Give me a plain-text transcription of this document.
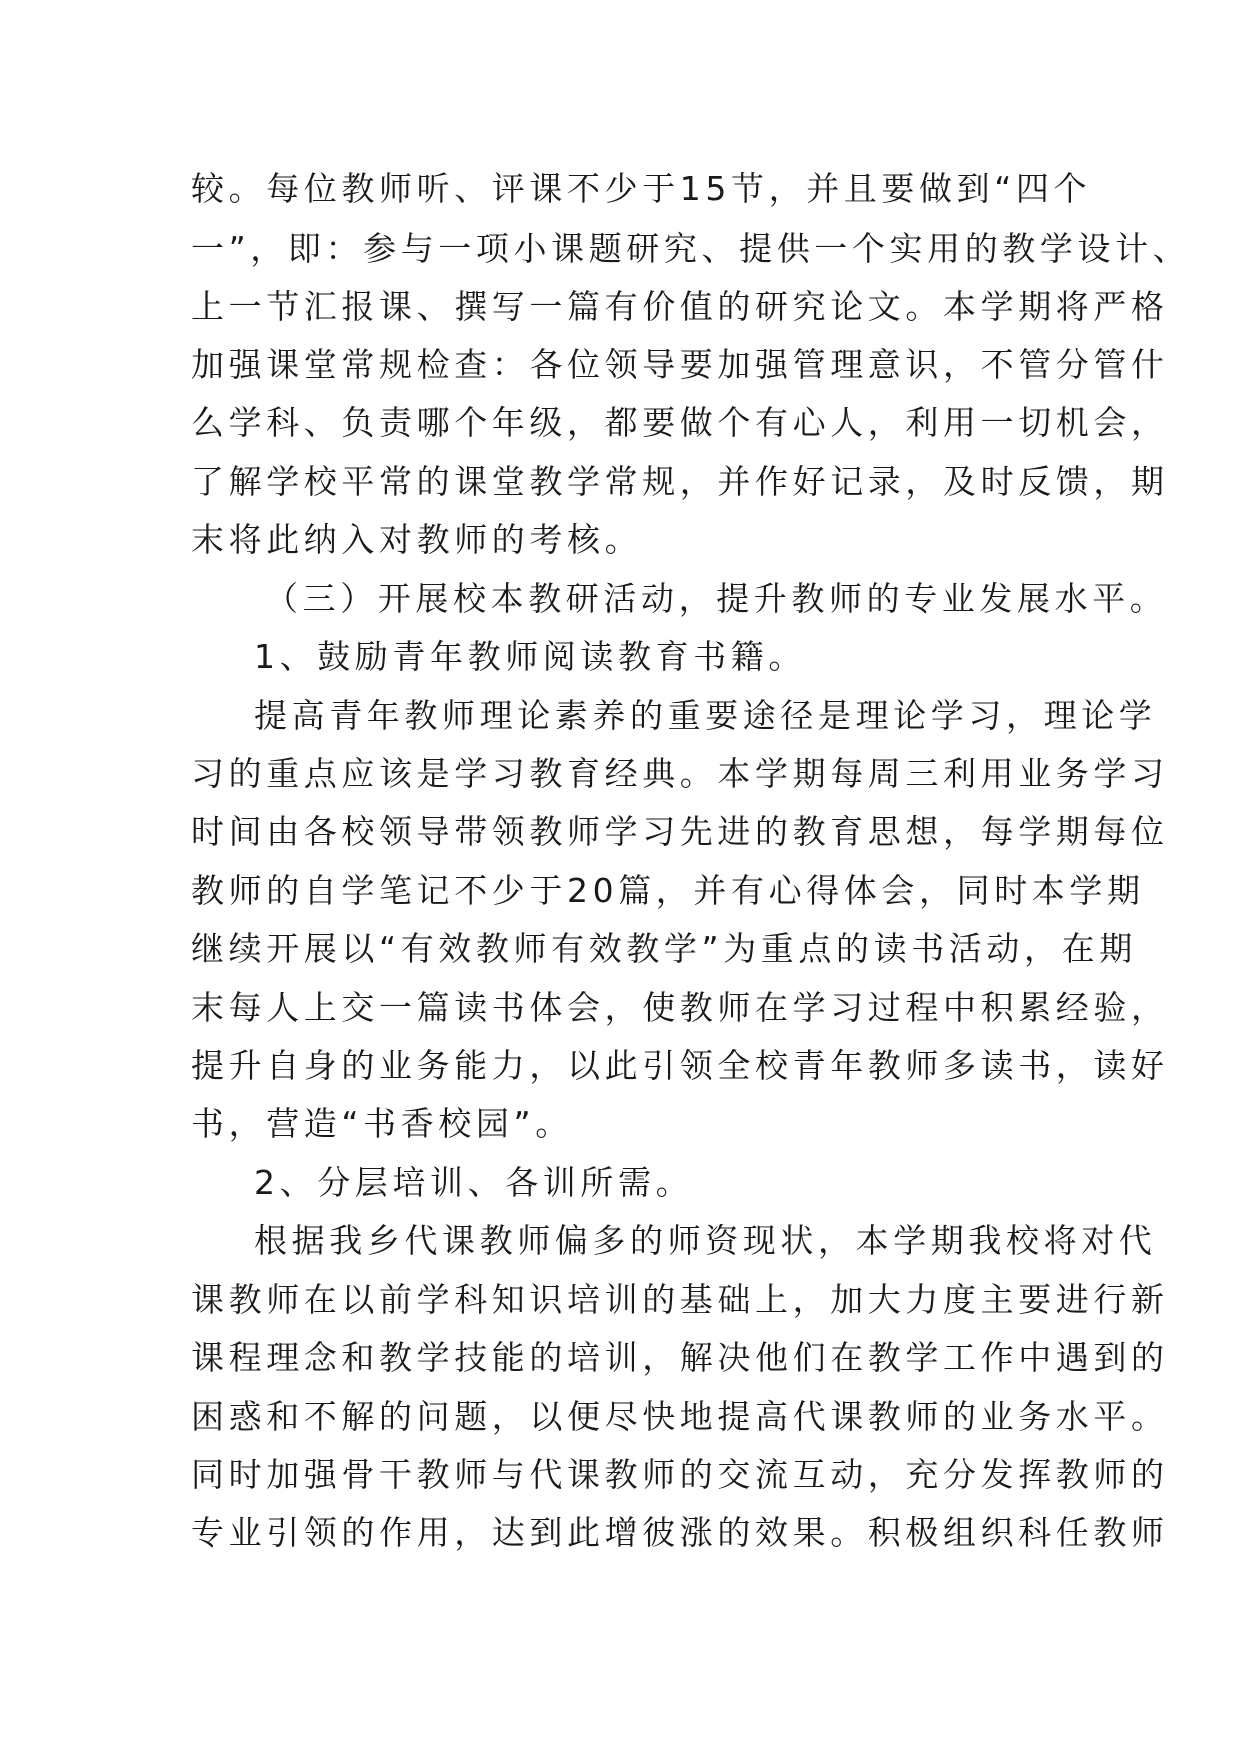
较。每位教师听、评课不少于15节，并且要做到“四个
一”，即：参与一项小课题研究、提供一个实用的教学设计、
上一节汇报课、撰写一篇有价值的研究论文。本学期将严格
加强课堂常规检查：各位领导要加强管理意识，不管分管什
么学科、负责哪个年级，都要做个有心人，利用一切机会，
了解学校平常的课堂教学常规，并作好记录，及时反馈，期
末将此纳入对教师的考核。
（三）开展校本教研活动，提升教师的专业发展水平。
1、鼓励青年教师阅读教育书籍。
提高青年教师理论素养的重要途径是理论学习，理论学
习的重点应该是学习教育经典。本学期每周三利用业务学习
时间由各校领导带领教师学习先进的教育思想，每学期每位
教师的自学笔记不少于20篇，并有心得体会，同时本学期
继续开展以“有效教师有效教学”为重点的读书活动，在期
末每人上交一篇读书体会，使教师在学习过程中积累经验，
提升自身的业务能力，以此引领全校青年教师多读书，读好
书，营造“书香校园”。
2、分层培训、各训所需。
根据我乡代课教师偏多的师资现状，本学期我校将对代
课教师在以前学科知识培训的基础上，加大力度主要进行新
课程理念和教学技能的培训，解决他们在教学工作中遇到的
困惑和不解的问题，以便尽快地提高代课教师的业务水平。
同时加强骨干教师与代课教师的交流互动，充分发挥教师的
专业引领的作用，达到此增彼涨的效果。积极组织科任教师
